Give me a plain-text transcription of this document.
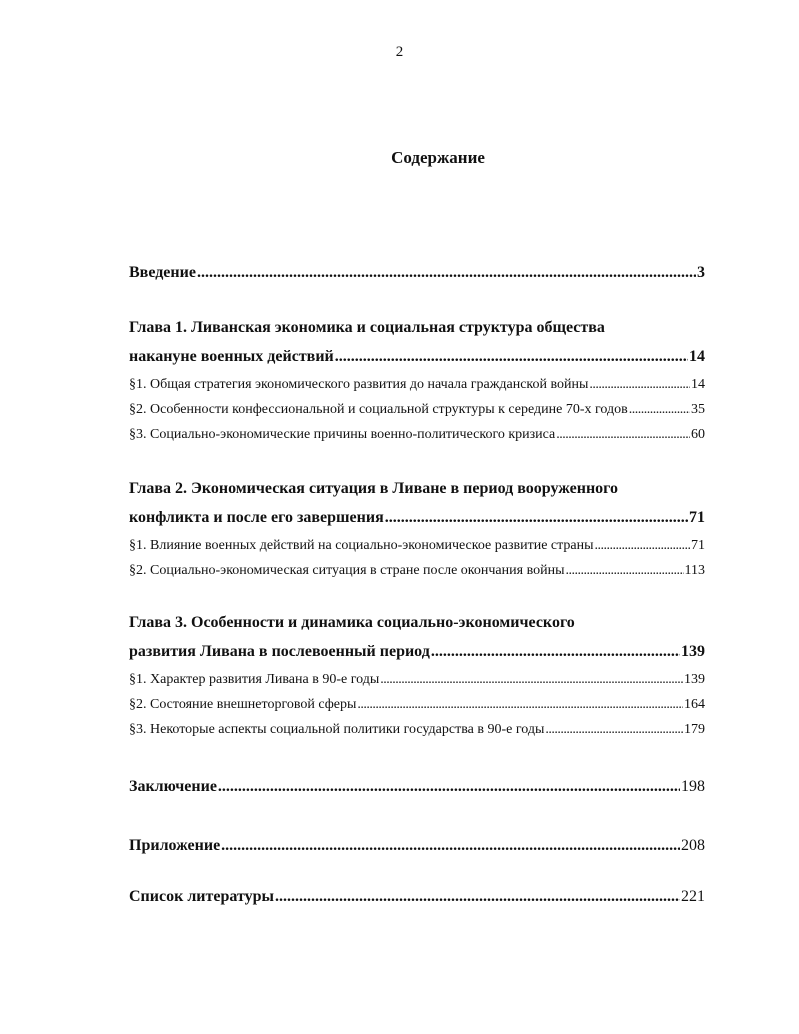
2
Содержание
Введение . . .	3
Глава 1. Ливанская экономика и социальная структура общества
накануне военных действий . . .	14
§1. Общая стратегия экономического развития до начала гражданской войны . . .	14
§2. Особенности конфессиональной и социальной структуры к середине 70-х годов . . .	35
§3. Социально-экономические причины военно-политического кризиса . . .	60
Глава 2. Экономическая ситуация в Ливане в период вооруженного
конфликта и после его завершения . . .	71
§1. Влияние военных действий на социально-экономическое развитие страны . . .	71
§2. Социально-экономическая ситуация в стране после окончания войны . . .	113
Глава 3. Особенности и динамика социально-экономического
развития Ливана в послевоенный период . . .	139
§1. Характер развития Ливана в 90-е годы . . .	139
§2. Состояние внешнеторговой сферы . . .	164
§3. Некоторые аспекты социальной политики государства в 90-е годы . . .	179
Заключение . . .	198
Приложение . . .	208
Список литературы . . .	221
